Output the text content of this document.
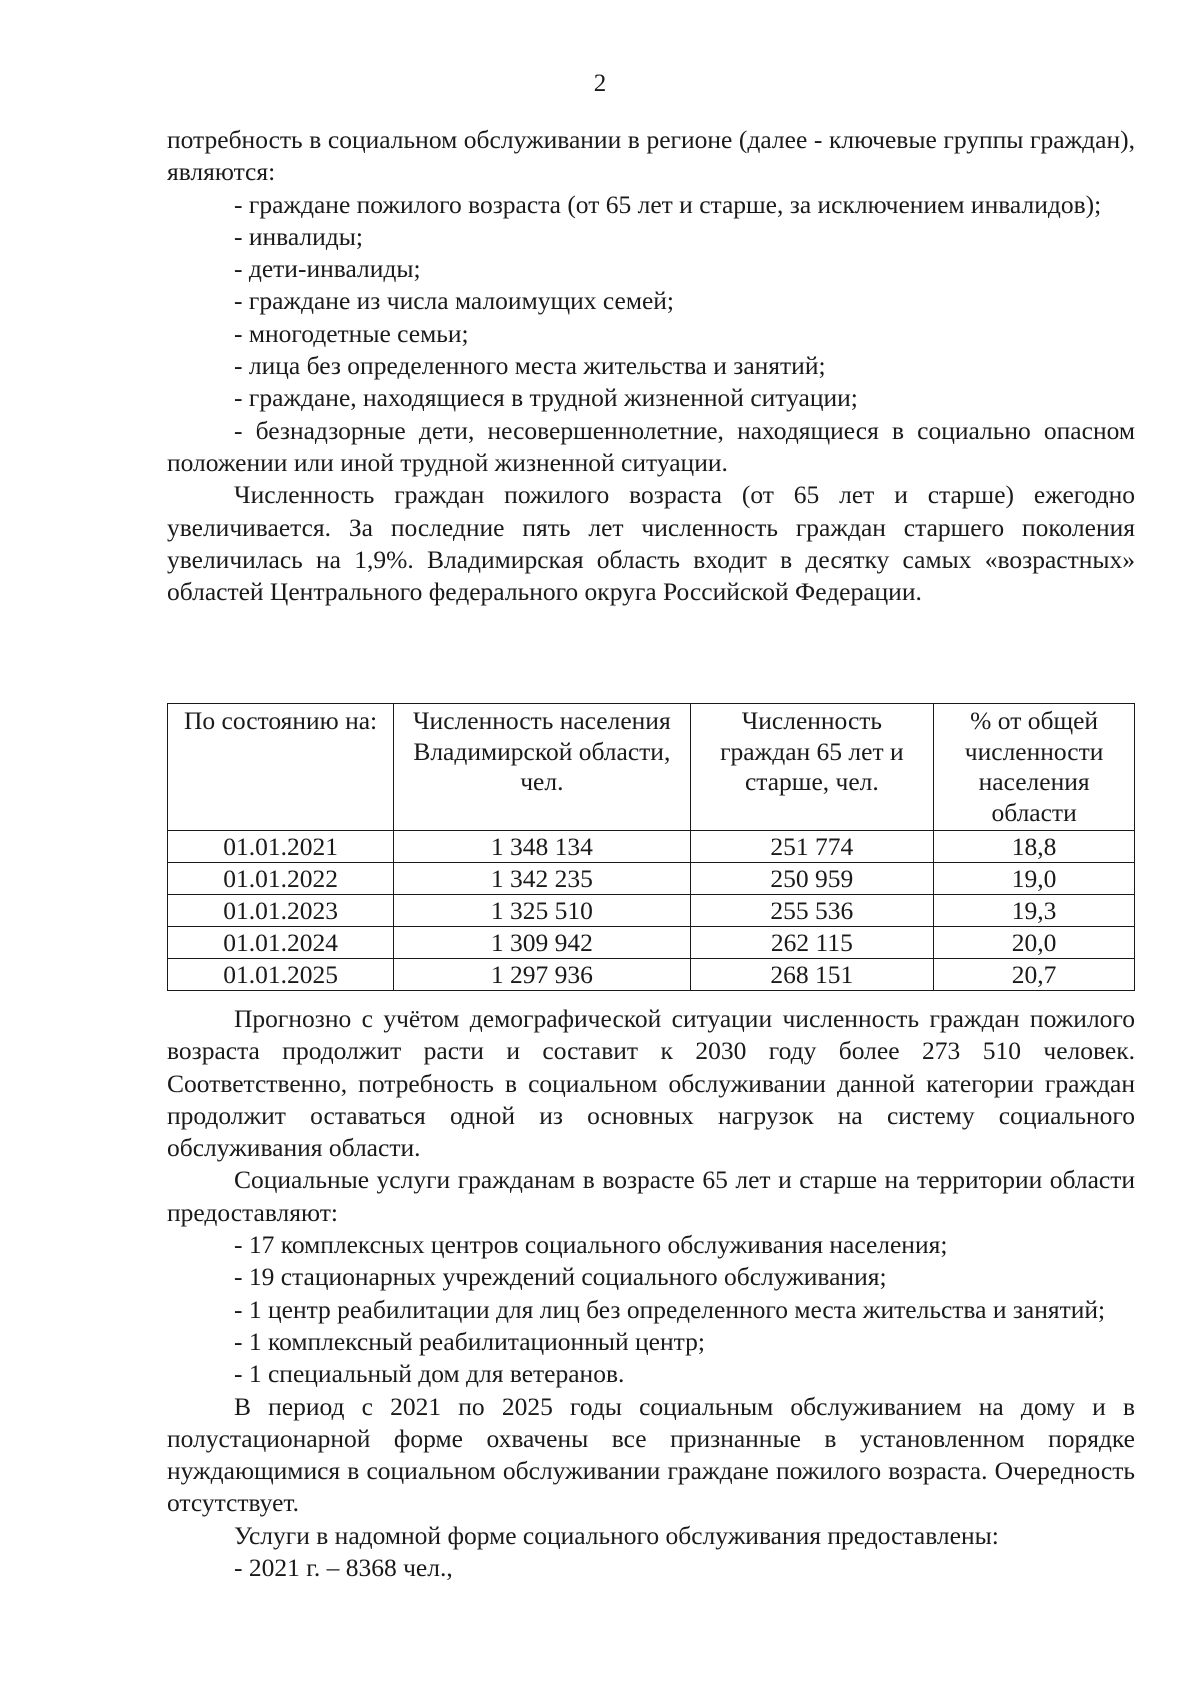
2

потребность в социальном обслуживании в регионе (далее - ключевые группы граждан), являются:

- граждане пожилого возраста (от 65 лет и старше, за исключением инвалидов);

- инвалиды;

- дети-инвалиды;

- граждане из числа малоимущих семей;

- многодетные семьи;

- лица без определенного места жительства и занятий;

- граждане, находящиеся в трудной жизненной ситуации;

- безнадзорные дети, несовершеннолетние, находящиеся в социально опасном положении или иной трудной жизненной ситуации.

Численность граждан пожилого возраста (от 65 лет и старше) ежегодно увеличивается. За последние пять лет численность граждан старшего поколения увеличилась на 1,9%. Владимирская область входит в десятку самых «возрастных» областей Центрального федерального округа Российской Федерации.

По состоянию на:	Численность населения Владимирской области, чел.	Численность граждан 65 лет и старше, чел.	% от общей численности населения области
01.01.2021	1 348 134	251 774	18,8
01.01.2022	1 342 235	250 959	19,0
01.01.2023	1 325 510	255 536	19,3
01.01.2024	1 309 942	262 115	20,0
01.01.2025	1 297 936	268 151	20,7

Прогнозно с учётом демографической ситуации численность граждан пожилого возраста продолжит расти и составит к 2030 году более 273 510 человек. Соответственно, потребность в социальном обслуживании данной категории граждан продолжит оставаться одной из основных нагрузок на систему социального обслуживания области.

Социальные услуги гражданам в возрасте 65 лет и старше на территории области предоставляют:

- 17 комплексных центров социального обслуживания населения;

- 19 стационарных учреждений социального обслуживания;

- 1 центр реабилитации для лиц без определенного места жительства и занятий;

- 1 комплексный реабилитационный центр;

- 1 специальный дом для ветеранов.

В период с 2021 по 2025 годы социальным обслуживанием на дому и в полустационарной форме охвачены все признанные в установленном порядке нуждающимися в социальном обслуживании граждане пожилого возраста. Очередность отсутствует.

Услуги в надомной форме социального обслуживания предоставлены:

- 2021 г. – 8368 чел.,
